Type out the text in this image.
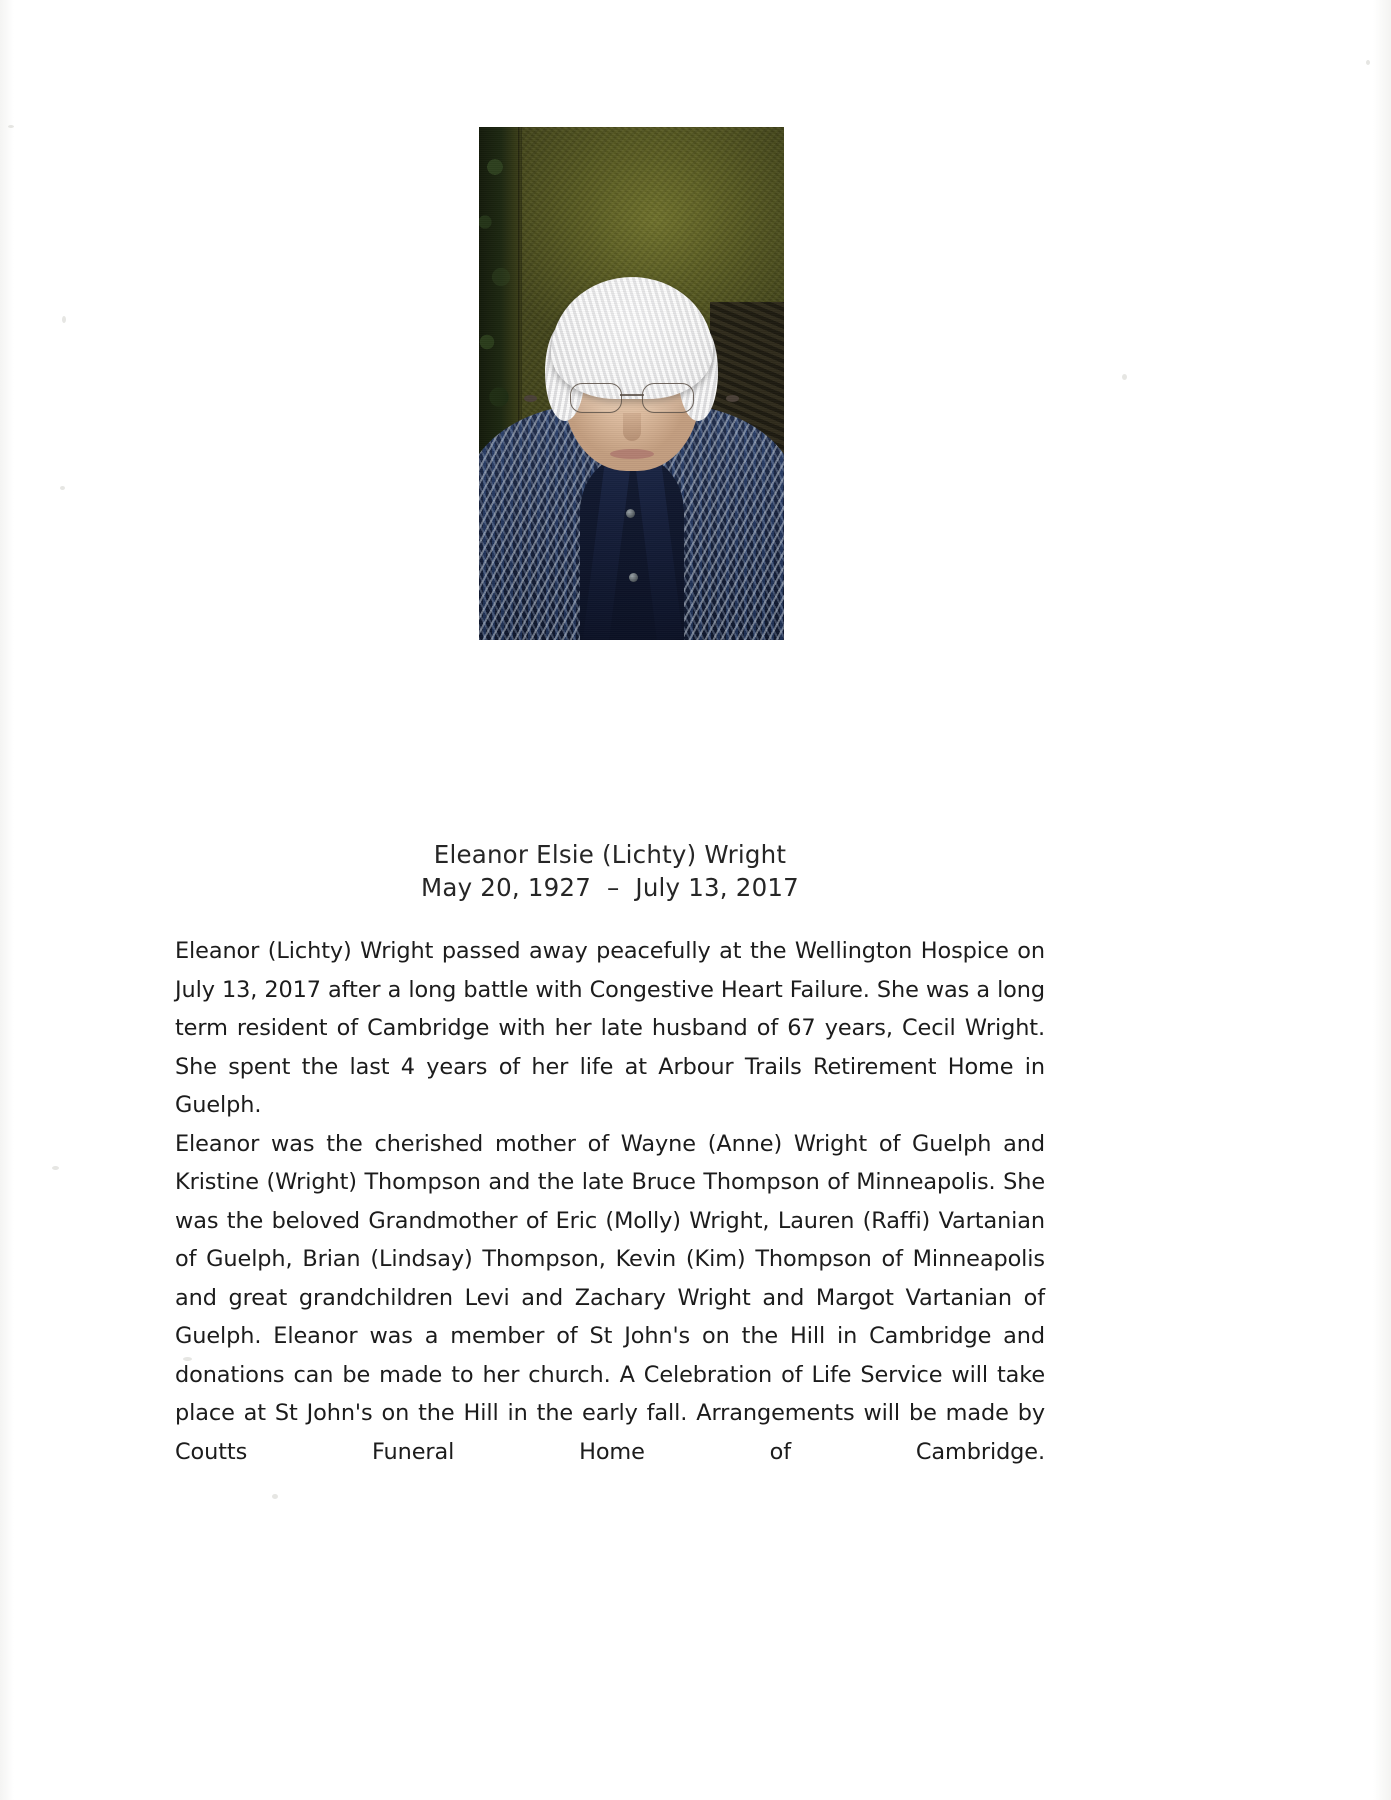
Eleanor Elsie (Lichty) Wright
May 20, 1927  –  July 13, 2017

Eleanor (Lichty) Wright passed away peacefully at the Wellington Hospice on July 13, 2017 after a long battle with Congestive Heart Failure. She was a long term resident of Cambridge with her late husband of 67 years, Cecil Wright. She spent the last 4 years of her life at Arbour Trails Retirement Home in Guelph.

Eleanor was the cherished mother of Wayne (Anne) Wright of Guelph and Kristine (Wright) Thompson and the late Bruce Thompson of Minneapolis. She was the beloved Grandmother of Eric (Molly) Wright, Lauren (Raffi) Vartanian of Guelph, Brian (Lindsay) Thompson, Kevin (Kim) Thompson of Minneapolis and great grandchildren Levi and Zachary Wright and Margot Vartanian of Guelph. Eleanor was a member of St John's on the Hill in Cambridge and donations can be made to her church. A Celebration of Life Service will take place at St John's on the Hill in the early fall. Arrangements will be made by Coutts Funeral Home of Cambridge.
